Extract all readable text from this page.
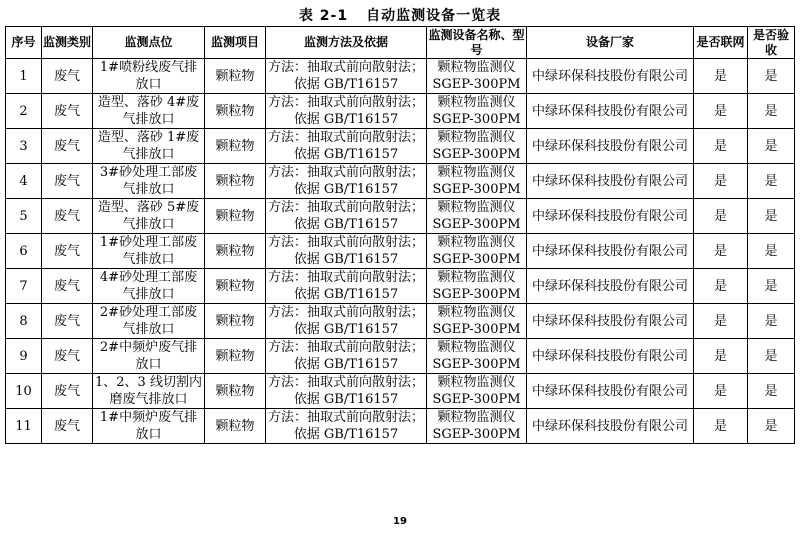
表 2-1 自动监测设备一览表
序号	监测类别	监测点位	监测项目	监测方法及依据	监测设备名称、型号	设备厂家	是否联网	是否验收
1	废气	1#喷粉线废气排放口	颗粒物	方法：抽取式前向散射法；依据 GB/T16157	颗粒物监测仪 SGEP-300PM	中绿环保科技股份有限公司	是	是
2	废气	造型、落砂 4#废气排放口	颗粒物	方法：抽取式前向散射法；依据 GB/T16157	颗粒物监测仪 SGEP-300PM	中绿环保科技股份有限公司	是	是
3	废气	造型、落砂 1#废气排放口	颗粒物	方法：抽取式前向散射法；依据 GB/T16157	颗粒物监测仪 SGEP-300PM	中绿环保科技股份有限公司	是	是
4	废气	3#砂处理工部废气排放口	颗粒物	方法：抽取式前向散射法；依据 GB/T16157	颗粒物监测仪 SGEP-300PM	中绿环保科技股份有限公司	是	是
5	废气	造型、落砂 5#废气排放口	颗粒物	方法：抽取式前向散射法；依据 GB/T16157	颗粒物监测仪 SGEP-300PM	中绿环保科技股份有限公司	是	是
6	废气	1#砂处理工部废气排放口	颗粒物	方法：抽取式前向散射法；依据 GB/T16157	颗粒物监测仪 SGEP-300PM	中绿环保科技股份有限公司	是	是
7	废气	4#砂处理工部废气排放口	颗粒物	方法：抽取式前向散射法；依据 GB/T16157	颗粒物监测仪 SGEP-300PM	中绿环保科技股份有限公司	是	是
8	废气	2#砂处理工部废气排放口	颗粒物	方法：抽取式前向散射法；依据 GB/T16157	颗粒物监测仪 SGEP-300PM	中绿环保科技股份有限公司	是	是
9	废气	2#中频炉废气排放口	颗粒物	方法：抽取式前向散射法；依据 GB/T16157	颗粒物监测仪 SGEP-300PM	中绿环保科技股份有限公司	是	是
10	废气	1、2、3 线切割内磨废气排放口	颗粒物	方法：抽取式前向散射法；依据 GB/T16157	颗粒物监测仪 SGEP-300PM	中绿环保科技股份有限公司	是	是
11	废气	1#中频炉废气排放口	颗粒物	方法：抽取式前向散射法；依据 GB/T16157	颗粒物监测仪 SGEP-300PM	中绿环保科技股份有限公司	是	是
19
